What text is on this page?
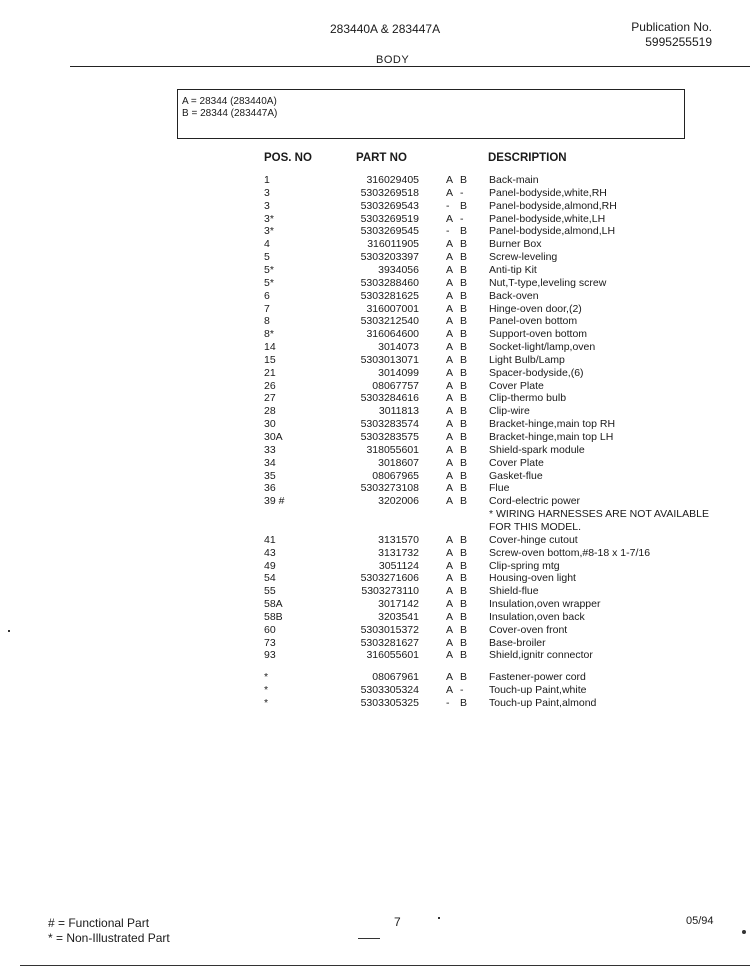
283440A & 283447A	Publication No.
5995255519
BODY
A = 28344 (283440A)
B = 28344 (283447A)
POS. NO	PART NO	DESCRIPTION
1	316029405	A B Back-main
3	5303269518	A - Panel-bodyside,white,RH
3	5303269543	- B Panel-bodyside,almond,RH
3*	5303269519	A - Panel-bodyside,white,LH
3*	5303269545	- B Panel-bodyside,almond,LH
4	316011905	A B Burner Box
5	5303203397	A B Screw-leveling
5*	3934056	A B Anti-tip Kit
5*	5303288460	A B Nut,T-type,leveling screw
6	5303281625	A B Back-oven
7	316007001	A B Hinge-oven door,(2)
8	5303212540	A B Panel-oven bottom
8*	316064600	A B Support-oven bottom
14	3014073	A B Socket-light/lamp,oven
15	5303013071	A B Light Bulb/Lamp
21	3014099	A B Spacer-bodyside,(6)
26	08067757	A B Cover Plate
27	5303284616	A B Clip-thermo bulb
28	3011813	A B Clip-wire
30	5303283574	A B Bracket-hinge,main top RH
30A	5303283575	A B Bracket-hinge,main top LH
33	318055601	A B Shield-spark module
34	3018607	A B Cover Plate
35	08067965	A B Gasket-flue
36	5303273108	A B Flue
39 #	3202006	A B Cord-electric power
* WIRING HARNESSES ARE NOT AVAILABLE
FOR THIS MODEL.
41	3131570	A B Cover-hinge cutout
43	3131732	A B Screw-oven bottom,#8-18 x 1-7/16
49	3051124	A B Clip-spring mtg
54	5303271606	A B Housing-oven light
55	5303273110	A B Shield-flue
58A	3017142	A B Insulation,oven wrapper
58B	3203541	A B Insulation,oven back
60	5303015372	A B Cover-oven front
73	5303281627	A B Base-broiler
93	316055601	A B Shield,ignitr connector
*	08067961	A B Fastener-power cord
*	5303305324	A - Touch-up Paint,white
*	5303305325	- B Touch-up Paint,almond
# = Functional Part
* = Non-Illustrated Part
7	05/94
